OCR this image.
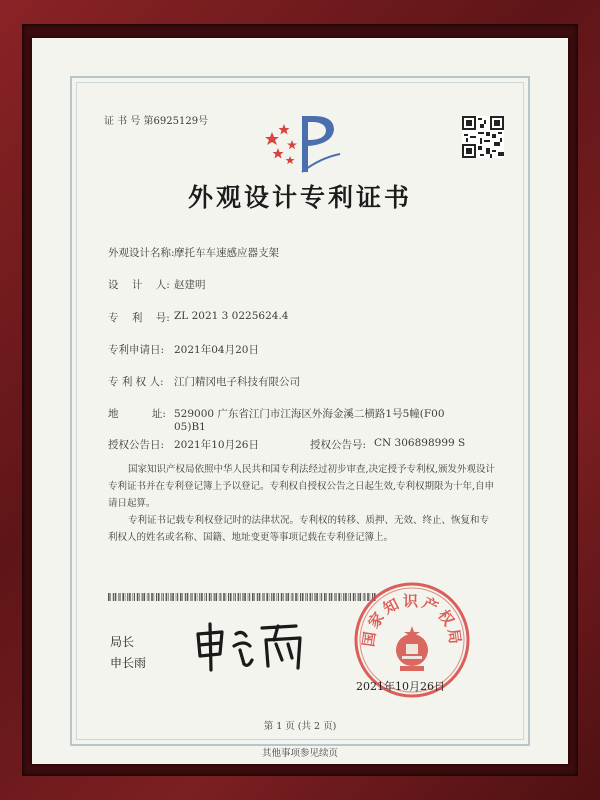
证 书 号 第6925129号
外观设计专利证书
外观设计名称: 摩托车车速感应器支架
设    计    人: 赵建明
专    利    号: ZL 2021 3 0225624.4
专利申请日: 2021年04月20日
专 利 权 人: 江门精冈电子科技有限公司
地          址: 529000 广东省江门市江海区外海金溪二横路1号5幢(F00
05)B1
授权公告日: 2021年10月26日	授权公告号: CN 306898999 S
国家知识产权局依照中华人民共和国专利法经过初步审查,决定授予专利权,颁发外观设计专利证书并在专利登记簿上予以登记。专利权自授权公告之日起生效,专利权期限为十年,自申请日起算。
专利证书记载专利权登记时的法律状况。专利权的转移、质押、无效、终止、恢复和专利权人的姓名或名称、国籍、地址变更等事项记载在专利登记簿上。
局长
申长雨
国家知识产权局
2021年10月26日
第 1 页 (共 2 页)
其他事项参见续页
